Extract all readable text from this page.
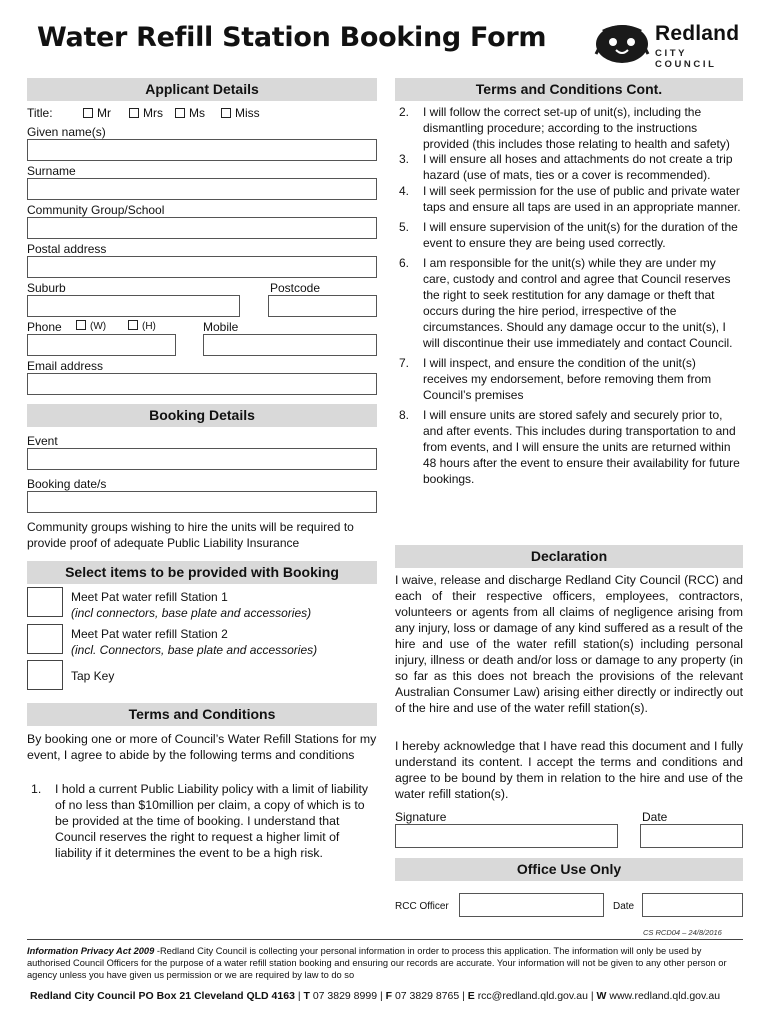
Water Refill Station Booking Form	Redland
CITY COUNCIL
Applicant Details
Title:	Mr	Mrs	Ms	Miss
Given name(s)
Surname
Community Group/School
Postal address
Suburb	Postcode
Phone	(W)	(H)	Mobile
Email address
Booking Details
Event
Booking date/s
Community groups wishing to hire the units will be required to provide proof of adequate Public Liability Insurance
Select items to be provided with Booking
Meet Pat water refill Station 1
(incl connectors, base plate and accessories)
Meet Pat water refill Station 2
(incl. Connectors, base plate and accessories)
Tap Key
Terms and Conditions
By booking one or more of Council’s Water Refill Stations for my event, I agree to abide by the following terms and conditions
1. I hold a current Public Liability policy with a limit of liability of no less than $10million per claim, a copy of which is to be provided at the time of booking. I understand that Council reserves the right to request a higher limit of liability if it determines the event to be a high risk.
Terms and Conditions Cont.
2. I will follow the correct set-up of unit(s), including the dismantling procedure; according to the instructions provided (this includes those relating to health and safety)
3. I will ensure all hoses and attachments do not create a trip hazard (use of mats, ties or a cover is recommended).
4. I will seek permission for the use of public and private water taps and ensure all taps are used in an appropriate manner.
5. I will ensure supervision of the unit(s) for the duration of the event to ensure they are being used correctly.
6. I am responsible for the unit(s) while they are under my care, custody and control and agree that Council reserves the right to seek restitution for any damage or theft that occurs during the hire period, irrespective of the circumstances. Should any damage occur to the unit(s), I will discontinue their use immediately and contact Council.
7. I will inspect, and ensure the condition of the unit(s) receives my endorsement, before removing them from Council’s premises
8. I will ensure units are stored safely and securely prior to, and after events. This includes during transportation to and from events, and I will ensure the units are returned within 48 hours after the event to ensure their availability for future bookings.
Declaration
I waive, release and discharge Redland City Council (RCC) and each of their respective officers, employees, contractors, volunteers or agents from all claims of negligence arising from any injury, loss or damage of any kind suffered as a result of the hire and use of the water refill station(s) including personal injury, illness or death and/or loss or damage to any property (in so far as this does not breach the provisions of the relevant Australian Consumer Law) arising either directly or indirectly out of the hire and use of the water refill station(s).
I hereby acknowledge that I have read this document and I fully understand its content. I accept the terms and conditions and agree to be bound by them in relation to the hire and use of the water refill station(s).
Signature	Date
Office Use Only
RCC Officer	Date
CS RCD04 – 24/8/2016
Information Privacy Act 2009 -Redland City Council is collecting your personal information in order to process this application. The information will only be used by authorised Council Officers for the purpose of a water refill station booking and ensuring our records are accurate. Your information will not be given to any other person or agency unless you have given us permission or we are required by law to do so
Redland City Council PO Box 21 Cleveland QLD 4163 | T 07 3829 8999 | F 07 3829 8765 | E rcc@redland.qld.gov.au | W www.redland.qld.gov.au
